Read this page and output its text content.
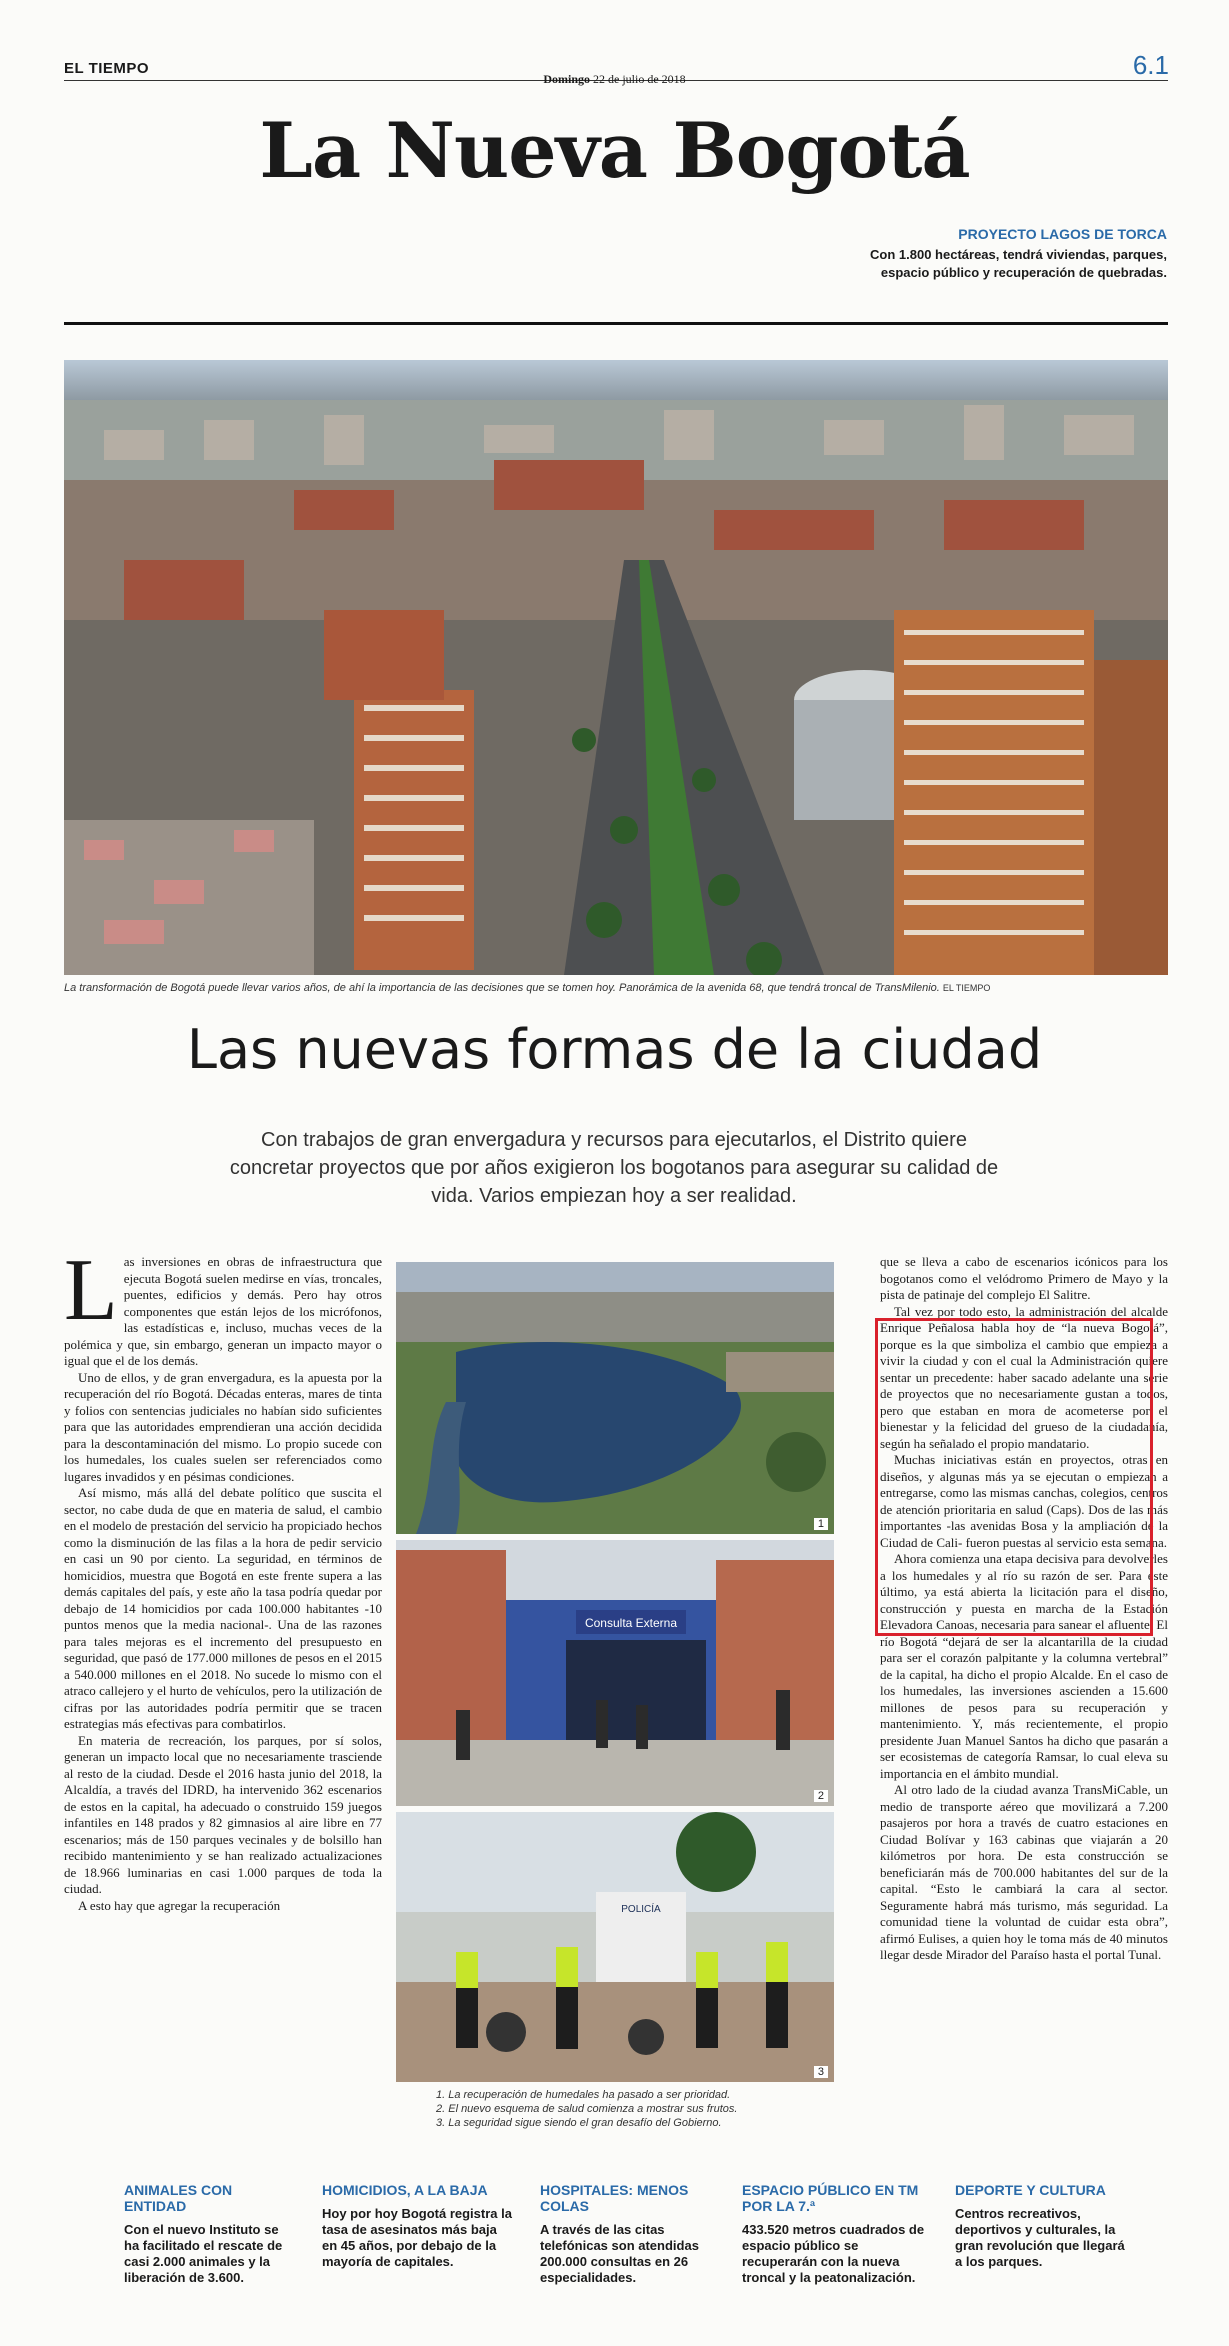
EL TIEMPO
Domingo 22 de julio de 2018	6.1
La Nueva Bogotá
PROYECTO LAGOS DE TORCA
Con 1.800 hectáreas, tendrá viviendas, parques, espacio público y recuperación de quebradas.
La transformación de Bogotá puede llevar varios años, de ahí la importancia de las decisiones que se tomen hoy. Panorámica de la avenida 68, que tendrá troncal de TransMilenio. EL TIEMPO
Las nuevas formas de la ciudad
Con trabajos de gran envergadura y recursos para ejecutarlos, el Distrito quiere concretar proyectos que por años exigieron los bogotanos para asegurar su calidad de vida. Varios empiezan hoy a ser realidad.

Las inversiones en obras de infraestructura que ejecuta Bogotá suelen medirse en vías, troncales, puentes, edificios y demás. Pero hay otros componentes que están lejos de los micrófonos, las estadísticas e, incluso, muchas veces de la polémica y que, sin embargo, generan un impacto mayor o igual que el de los demás.

Uno de ellos, y de gran envergadura, es la apuesta por la recuperación del río Bogotá. Décadas enteras, mares de tinta y folios con sentencias judiciales no habían sido suficientes para que las autoridades emprendieran una acción decidida para la descontaminación del mismo. Lo propio sucede con los humedales, los cuales suelen ser referenciados como lugares invadidos y en pésimas condiciones.

Así mismo, más allá del debate político que suscita el sector, no cabe duda de que en materia de salud, el cambio en el modelo de prestación del servicio ha propiciado hechos como la disminución de las filas a la hora de pedir servicio en casi un 90 por ciento. La seguridad, en términos de homicidios, muestra que Bogotá en este frente supera a las demás capitales del país, y este año la tasa podría quedar por debajo de 14 homicidios por cada 100.000 habitantes -10 puntos menos que la media nacional-. Una de las razones para tales mejoras es el incremento del presupuesto en seguridad, que pasó de 177.000 millones de pesos en el 2015 a 540.000 millones en el 2018. No sucede lo mismo con el atraco callejero y el hurto de vehículos, pero la utilización de cifras por las autoridades podría permitir que se tracen estrategias más efectivas para combatirlos.

En materia de recreación, los parques, por sí solos, generan un impacto local que no necesariamente trasciende al resto de la ciudad. Desde el 2016 hasta junio del 2018, la Alcaldía, a través del IDRD, ha intervenido 362 escenarios de estos en la capital, ha adecuado o construido 159 juegos infantiles en 148 prados y 82 gimnasios al aire libre en 77 escenarios; más de 150 parques vecinales y de bolsillo han recibido mantenimiento y se han realizado actualizaciones de 18.966 luminarias en casi 1.000 parques de toda la ciudad.

A esto hay que agregar la recuperación

1
Consulta Externa
2
POLICÍA
3
1. La recuperación de humedales ha pasado a ser prioridad.
2. El nuevo esquema de salud comienza a mostrar sus frutos.
3. La seguridad sigue siendo el gran desafío del Gobierno.

que se lleva a cabo de escenarios icónicos para los bogotanos como el velódromo Primero de Mayo y la pista de patinaje del complejo El Salitre.

Tal vez por todo esto, la administración del alcalde Enrique Peñalosa habla hoy de “la nueva Bogotá”, porque es la que simboliza el cambio que empieza a vivir la ciudad y con el cual la Administración quiere sentar un precedente: haber sacado adelante una serie de proyectos que no necesariamente gustan a todos, pero que estaban en mora de acometerse por el bienestar y la felicidad del grueso de la ciudadanía, según ha señalado el propio mandatario.

Muchas iniciativas están en proyectos, otras en diseños, y algunas más ya se ejecutan o empiezan a entregarse, como las mismas canchas, colegios, centros de atención prioritaria en salud (Caps). Dos de las más importantes -las avenidas Bosa y la ampliación de la Ciudad de Cali- fueron puestas al servicio esta semana.

Ahora comienza una etapa decisiva para devolverles a los humedales y al río su razón de ser. Para este último, ya está abierta la licitación para el diseño, construcción y puesta en marcha de la Estación Elevadora Canoas, necesaria para sanear el afluente. El río Bogotá “dejará de ser la alcantarilla de la ciudad para ser el corazón palpitante y la columna vertebral” de la capital, ha dicho el propio Alcalde. En el caso de los humedales, las inversiones ascienden a 15.600 millones de pesos para su recuperación y mantenimiento. Y, más recientemente, el propio presidente Juan Manuel Santos ha dicho que pasarán a ser ecosistemas de categoría Ramsar, lo cual eleva su importancia en el ámbito mundial.

Al otro lado de la ciudad avanza TransMiCable, un medio de transporte aéreo que movilizará a 7.200 pasajeros por hora a través de cuatro estaciones en Ciudad Bolívar y 163 cabinas que viajarán a 20 kilómetros por hora. De esta construcción se beneficiarán más de 700.000 habitantes del sur de la capital. “Esto le cambiará la cara al sector. Seguramente habrá más turismo, más seguridad. La comunidad tiene la voluntad de cuidar esta obra”, afirmó Eulises, a quien hoy le toma más de 40 minutos llegar desde Mirador del Paraíso hasta el portal Tunal.

ANIMALES CON ENTIDAD
Con el nuevo Instituto se ha facilitado el rescate de casi 2.000 animales y la liberación de 3.600.
HOMICIDIOS, A LA BAJA
Hoy por hoy Bogotá registra la tasa de asesinatos más baja en 45 años, por debajo de la mayoría de capitales.
HOSPITALES: MENOS COLAS
A través de las citas telefónicas son atendidas 200.000 consultas en 26 especialidades.
ESPACIO PÚBLICO EN TM POR LA 7.ª
433.520 metros cuadrados de espacio público se recuperarán con la nueva troncal y la peatonalización.
DEPORTE Y CULTURA
Centros recreativos, deportivos y culturales, la gran revolución que llegará a los parques.
